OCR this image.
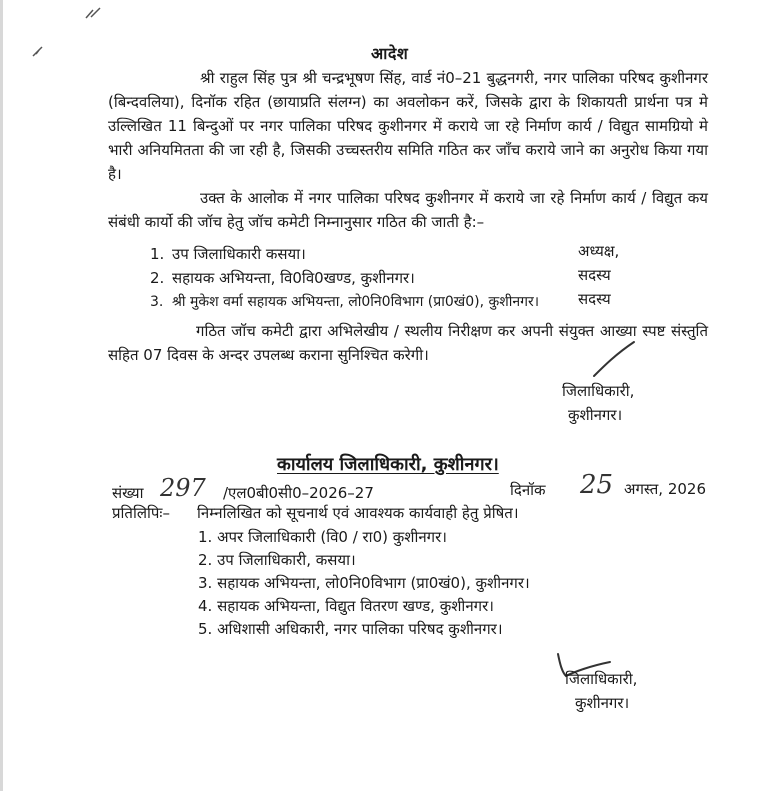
आदेश
श्री राहुल सिंह पुत्र श्री चन्द्रभूषण सिंह, वार्ड नं0–21 बुद्धनगरी, नगर पालिका परिषद कुशीनगर (बिन्दवलिया), दिनॉक रहित (छायाप्रति संलग्न) का अवलोकन करें, जिसके द्वारा के शिकायती प्रार्थना पत्र मे उल्लिखित 11 बिन्दुओं पर नगर पालिका परिषद कुशीनगर में कराये जा रहे निर्माण कार्य / विद्युत सामग्रियो मे भारी अनियमितता की जा रही है, जिसकी उच्चस्तरीय समिति गठित कर जाँच कराये जाने का अनुरोध किया गया है।
उक्त के आलोक में नगर पालिका परिषद कुशीनगर में कराये जा रहे निर्माण कार्य / विद्युत कय संबंधी कार्यो की जॉच हेतु जॉच कमेटी निम्नानुसार गठित की जाती है:–
1. उप जिलाधिकारी कसया।	अध्यक्ष,
2. सहायक अभियन्ता, वि0वि0खण्ड, कुशीनगर।	सदस्य
3. श्री मुकेश वर्मा सहायक अभियन्ता, लो0नि0विभाग (प्रा0खं0), कुशीनगर।	सदस्य
गठित जॉच कमेटी द्वारा अभिलेखीय / स्थलीय निरीक्षण कर अपनी संयुक्त आख्या स्पष्ट संस्तुति सहित 07 दिवस के अन्दर उपलब्ध कराना सुनिश्चित करेगी।
जिलाधिकारी,
कुशीनगर।
कार्यालय जिलाधिकारी, कुशीनगर।
संख्या 297 /एल0बी0सी0–2026–27	दिनॉक 25 अगस्त, 2026
प्रतिलिपिः– निम्नलिखित को सूचनार्थ एवं आवश्यक कार्यवाही हेतु प्रेषित।
1. अपर जिलाधिकारी (वि0 / रा0) कुशीनगर।
2. उप जिलाधिकारी, कसया।
3. सहायक अभियन्ता, लो0नि0विभाग (प्रा0खं0), कुशीनगर।
4. सहायक अभियन्ता, विद्युत वितरण खण्ड, कुशीनगर।
5. अधिशासी अधिकारी, नगर पालिका परिषद कुशीनगर।
जिलाधिकारी,
कुशीनगर।
